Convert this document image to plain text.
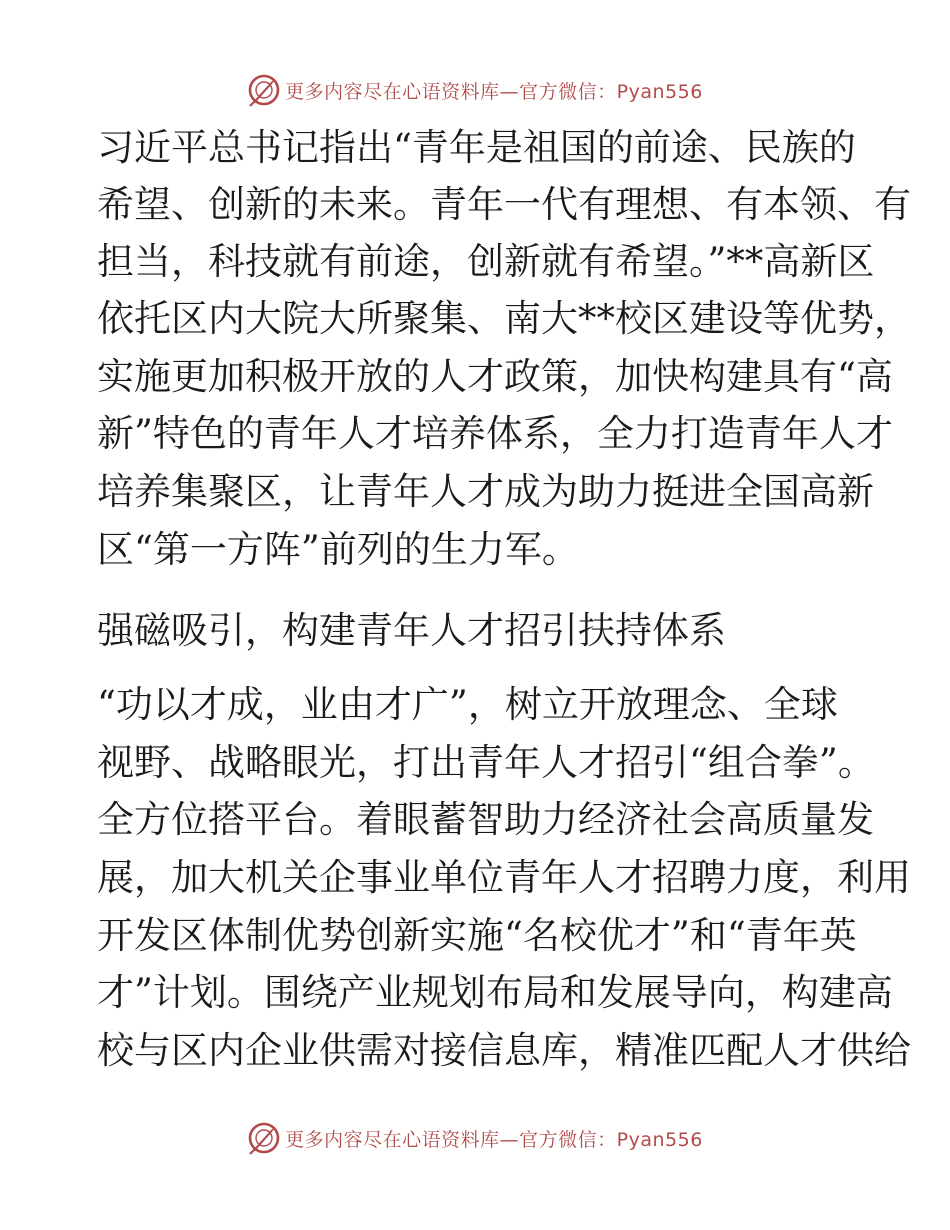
更多内容尽在心语资料库—官方微信：Pyan556
习近平总书记指出“青年是祖国的前途、民族的
希望、创新的未来。青年一代有理想、有本领、有
担当，科技就有前途，创新就有希望。”**高新区
依托区内大院大所聚集、南大**校区建设等优势，
实施更加积极开放的人才政策，加快构建具有“高
新”特色的青年人才培养体系，全力打造青年人才
培养集聚区，让青年人才成为助力挺进全国高新
区“第一方阵”前列的生力军。
强磁吸引，构建青年人才招引扶持体系
“功以才成，业由才广”，树立开放理念、全球
视野、战略眼光，打出青年人才招引“组合拳”。
全方位搭平台。着眼蓄智助力经济社会高质量发
展，加大机关企事业单位青年人才招聘力度，利用
开发区体制优势创新实施“名校优才”和“青年英
才”计划。围绕产业规划布局和发展导向，构建高
校与区内企业供需对接信息库，精准匹配人才供给
更多内容尽在心语资料库—官方微信：Pyan556
